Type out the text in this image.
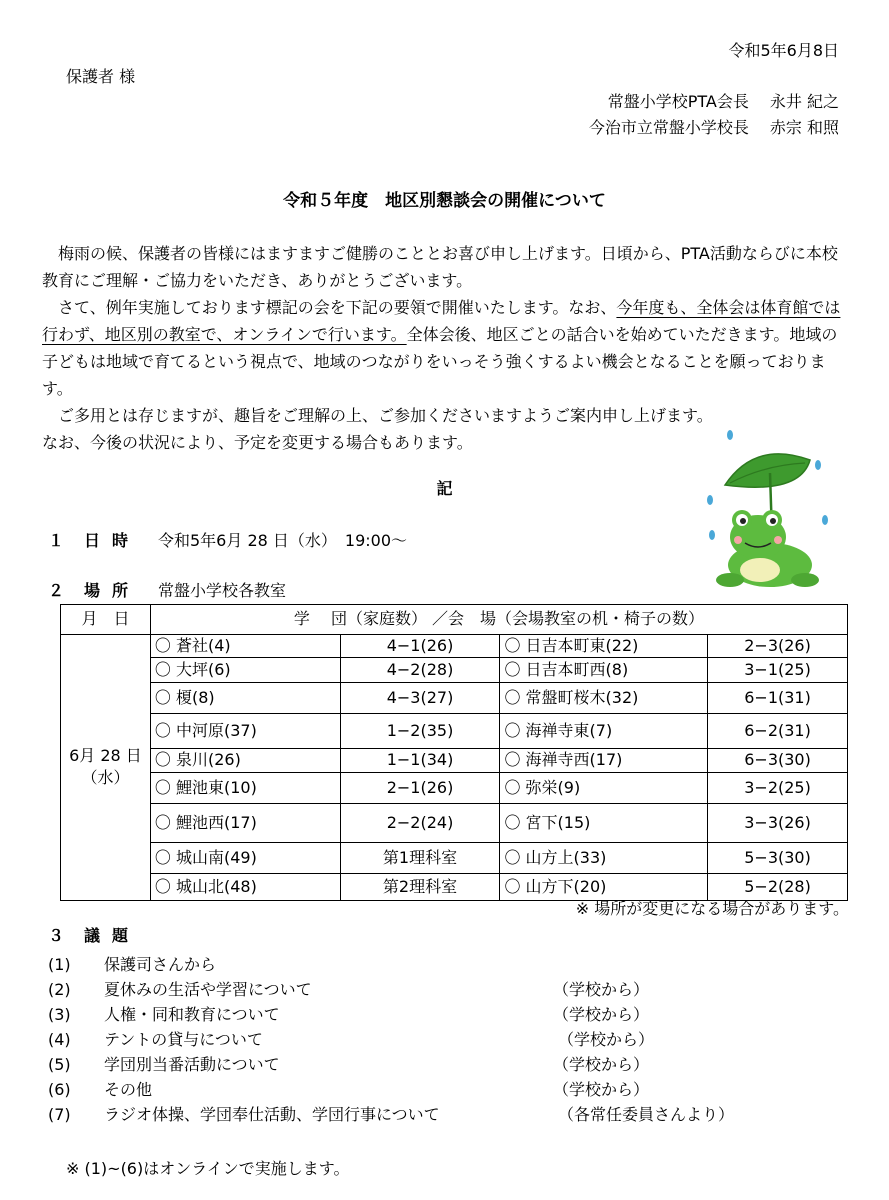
令和5年6月8日
保護者 様
常盤小学校PTA会長　 永井 紀之
今治市立常盤小学校長　 赤宗 和照
令和５年度　地区別懇談会の開催について

　梅雨の候、保護者の皆様にはますますご健勝のこととお喜び申し上げます。日頃から、PTA活動ならびに本校教育にご理解・ご協力をいただき、ありがとうございます。

　さて、例年実施しております標記の会を下記の要領で開催いたします。なお、今年度も、全体会は体育館では行わず、地区別の教室で、オンラインで行います。全体会後、地区ごとの話合いを始めていただきます。地域の子どもは地域で育てるという視点で、地域のつながりをいっそう強くするよい機会となることを願っております。

　ご多用とは存じますが、趣旨をご理解の上、ご参加くださいますようご案内申し上げます。

なお、今後の状況により、予定を変更する場合もあります。

記
１ 日時 令和5年6月 28 日（水）　19:00～
２ 場所 常盤小学校各教室
月　日	学　 団（家庭数） ／会　場（会場教室の机・椅子の数）			

6月 28 日
（水）	〇 蒼社(4)	4−1(26)	〇 日吉本町東(22)	2−3(26)
	〇 大坪(6)	4−2(28)	〇 日吉本町西(8)	3−1(25)
	〇 榎(8)	4−3(27)	〇 常盤町桜木(32)	6−1(31)
	〇 中河原(37)	1−2(35)	〇 海禅寺東(7)	6−2(31)
	〇 泉川(26)	1−1(34)	〇 海禅寺西(17)	6−3(30)
	〇 鯉池東(10)	2−1(26)	〇 弥栄(9)	3−2(25)
	〇 鯉池西(17)	2−2(24)	〇 宮下(15)	3−3(26)
	〇 城山南(49)	第1理科室	〇 山方上(33)	5−3(30)
	〇 城山北(48)	第2理科室	〇 山方下(20)	5−2(28)
※ 場所が変更になる場合があります。
３ 議題
(1) 保護司さんから
(2) 夏休みの生活や学習について	（学校から）
(3) 人権・同和教育について	（学校から）
(4) テントの貸与について	（学校から）
(5) 学団別当番活動について	（学校から）
(6) その他	（学校から）
(7) ラジオ体操、学団奉仕活動、学団行事について	（各常任委員さんより）
※ (1)~(6)はオンラインで実施します。
